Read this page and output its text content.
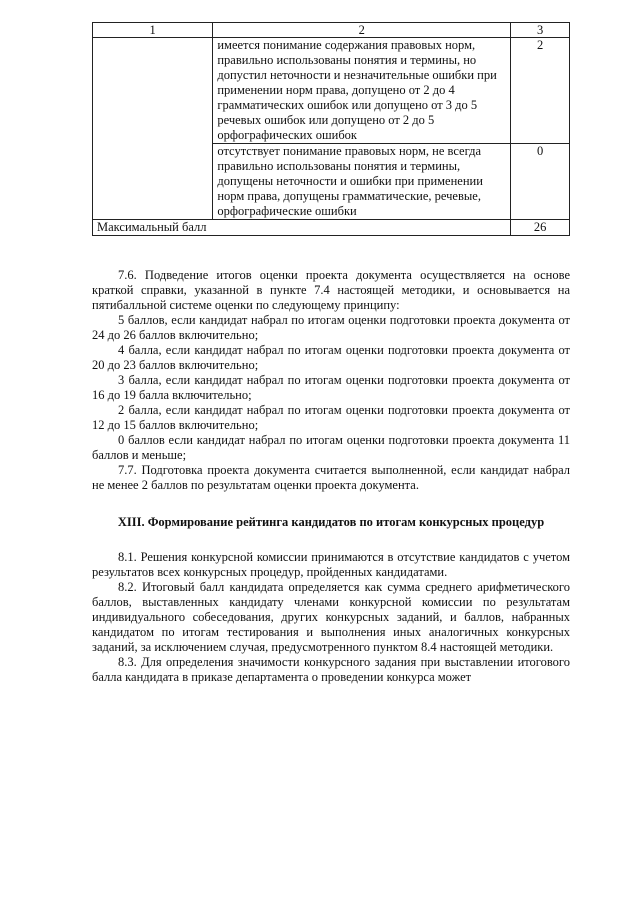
1	2	3
	имеется понимание содержания правовых норм, правильно использованы понятия и термины, но допустил неточности и незначительные ошибки при применении норм права, допущено от 2 до 4 грамматических ошибок или допущено от 3 до 5 речевых ошибок или допущено от 2 до 5 орфографических ошибок	2
	отсутствует понимание правовых норм, не всегда правильно использованы понятия и термины, допущены неточности и ошибки при применении норм права, допущены грамматические, речевые, орфографические ошибки	0
Максимальный балл		26

7.6. Подведение итогов оценки проекта документа осуществляется на основе краткой справки, указанной в пункте 7.4 настоящей методики, и основывается на пятибалльной системе оценки по следующему принципу:

5 баллов, если кандидат набрал по итогам оценки подготовки проекта документа от 24 до 26 баллов включительно;

4 балла, если кандидат набрал по итогам оценки подготовки проекта документа от 20 до 23 баллов включительно;

3 балла, если кандидат набрал по итогам оценки подготовки проекта документа от 16 до 19 балла включительно;

2 балла, если кандидат набрал по итогам оценки подготовки проекта документа от 12 до 15 баллов включительно;

0 баллов если кандидат набрал по итогам оценки подготовки проекта документа 11 баллов и меньше;

7.7. Подготовка проекта документа считается выполненной, если кандидат набрал не менее 2 баллов по результатам оценки проекта документа.

XIII. Формирование рейтинга кандидатов по итогам конкурсных процедур

8.1. Решения конкурсной комиссии принимаются в отсутствие кандидатов с учетом результатов всех конкурсных процедур, пройденных кандидатами.

8.2. Итоговый балл кандидата определяется как сумма среднего арифметического баллов, выставленных кандидату членами конкурсной комиссии по результатам индивидуального собеседования, других конкурсных заданий, и баллов, набранных кандидатом по итогам тестирования и выполнения иных аналогичных конкурсных заданий, за исключением случая, предусмотренного пунктом 8.4 настоящей методики.

8.3. Для определения значимости конкурсного задания при выставлении итогового балла кандидата в приказе департамента о проведении конкурса может
